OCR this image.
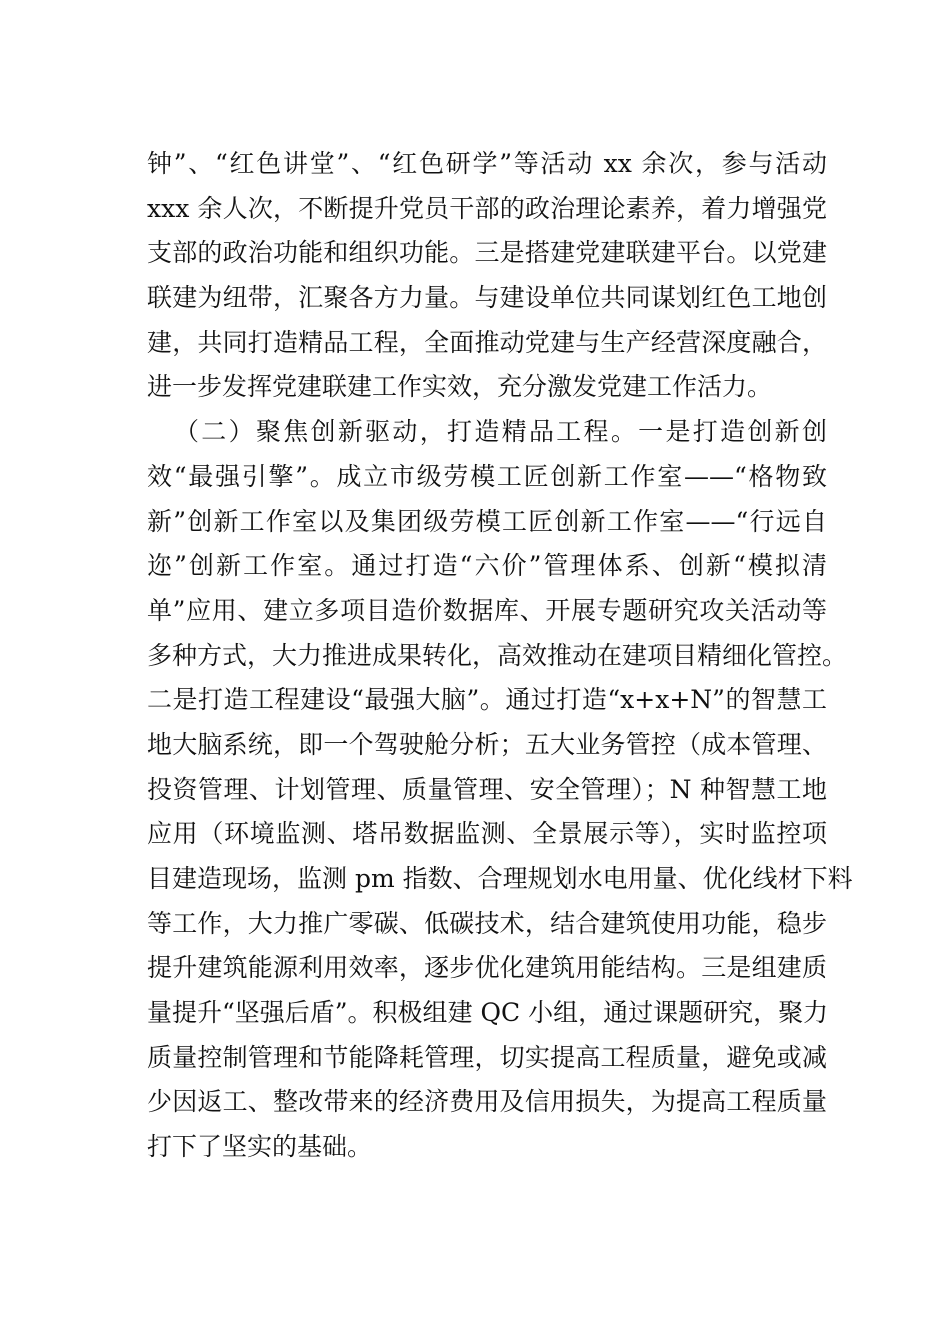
钟”、“红色讲堂”、“红色研学”等活动 xx 余次，参与活动
xxx 余人次，不断提升党员干部的政治理论素养，着力增强党
支部的政治功能和组织功能。三是搭建党建联建平台。以党建
联建为纽带，汇聚各方力量。与建设单位共同谋划红色工地创
建，共同打造精品工程，全面推动党建与生产经营深度融合，
进一步发挥党建联建工作实效，充分激发党建工作活力。
（二）聚焦创新驱动，打造精品工程。一是打造创新创
效“最强引擎”。成立市级劳模工匠创新工作室——“格物致
新”创新工作室以及集团级劳模工匠创新工作室——“行远自
迩”创新工作室。通过打造“六价”管理体系、创新“模拟清
单”应用、建立多项目造价数据库、开展专题研究攻关活动等
多种方式，大力推进成果转化，高效推动在建项目精细化管控。
二是打造工程建设“最强大脑”。通过打造“x+x+N”的智慧工
地大脑系统，即一个驾驶舱分析；五大业务管控（成本管理、
投资管理、计划管理、质量管理、安全管理）；N 种智慧工地
应用（环境监测、塔吊数据监测、全景展示等），实时监控项
目建造现场，监测 pm 指数、合理规划水电用量、优化线材下料
等工作，大力推广零碳、低碳技术，结合建筑使用功能，稳步
提升建筑能源利用效率，逐步优化建筑用能结构。三是组建质
量提升“坚强后盾”。积极组建 QC 小组，通过课题研究，聚力
质量控制管理和节能降耗管理，切实提高工程质量，避免或减
少因返工、整改带来的经济费用及信用损失，为提高工程质量
打下了坚实的基础。
